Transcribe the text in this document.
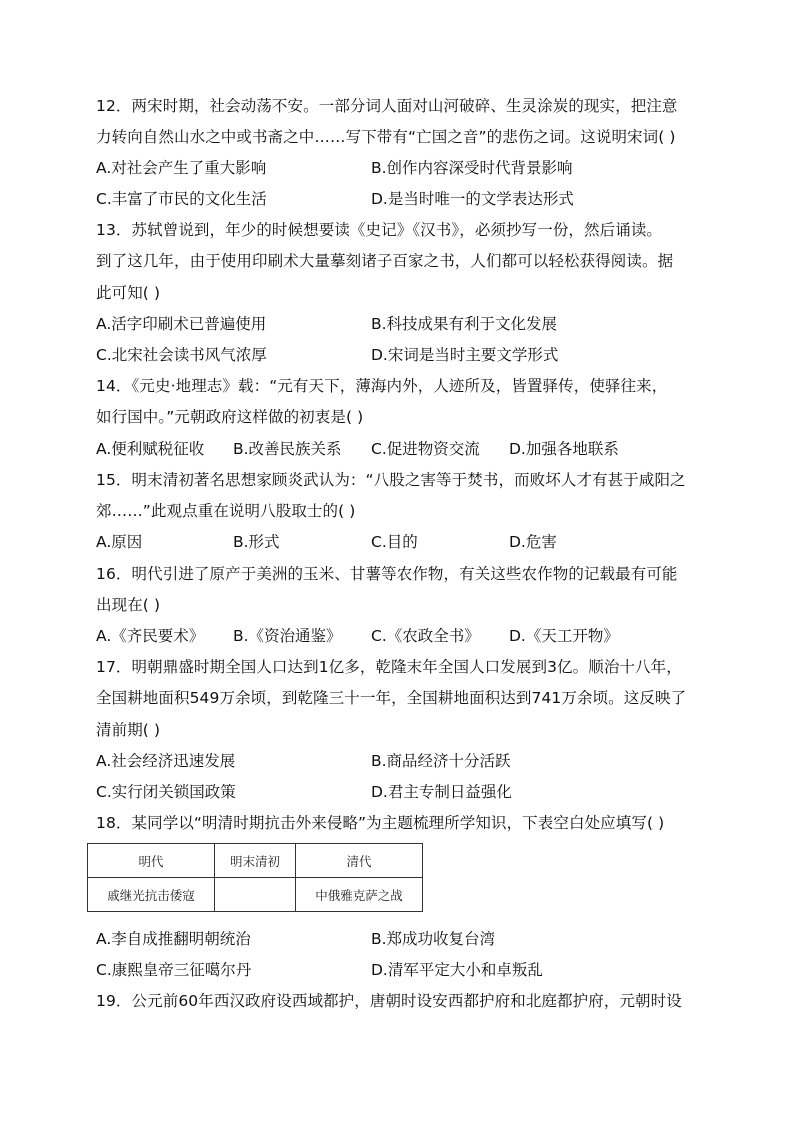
12．两宋时期，社会动荡不安。一部分词人面对山河破碎、生灵涂炭的现实，把注意
力转向自然山水之中或书斋之中……写下带有“亡国之音”的悲伤之词。这说明宋词( )
A.对社会产生了重大影响	B.创作内容深受时代背景影响
C.丰富了市民的文化生活	D.是当时唯一的文学表达形式
13．苏轼曾说到，年少的时候想要读《史记》《汉书》，必须抄写一份，然后诵读。
到了这几年，由于使用印刷术大量摹刻诸子百家之书，人们都可以轻松获得阅读。据
此可知( )
A.活字印刷术已普遍使用	B.科技成果有利于文化发展
C.北宋社会读书风气浓厚	D.宋词是当时主要文学形式
14．《元史·地理志》载：“元有天下，薄海内外，人迹所及，皆置驿传，使驿往来，
如行国中。”元朝政府这样做的初衷是( )
A.便利赋税征收 B.改善民族关系 C.促进物资交流 D.加强各地联系
15．明末清初著名思想家顾炎武认为：“八股之害等于焚书，而败坏人才有甚于咸阳之
郊……”此观点重在说明八股取士的( )
A.原因	B.形式	C.目的	D.危害
16．明代引进了原产于美洲的玉米、甘薯等农作物，有关这些农作物的记载最有可能
出现在( )
A.《齐民要术》 B.《资治通鉴》 C.《农政全书》 D.《天工开物》
17．明朝鼎盛时期全国人口达到1亿多，乾隆末年全国人口发展到3亿。顺治十八年，
全国耕地面积549万余顷，到乾隆三十一年，全国耕地面积达到741万余顷。这反映了
清前期( )
A.社会经济迅速发展	B.商品经济十分活跃
C.实行闭关锁国政策	D.君主专制日益强化
18．某同学以“明清时期抗击外来侵略”为主题梳理所学知识，下表空白处应填写( )
明代	明末清初	清代
戚继光抗击倭寇		中俄雅克萨之战
A.李自成推翻明朝统治	B.郑成功收复台湾
C.康熙皇帝三征噶尔丹	D.清军平定大小和卓叛乱
19．公元前60年西汉政府设西域都护，唐朝时设安西都护府和北庭都护府，元朝时设
